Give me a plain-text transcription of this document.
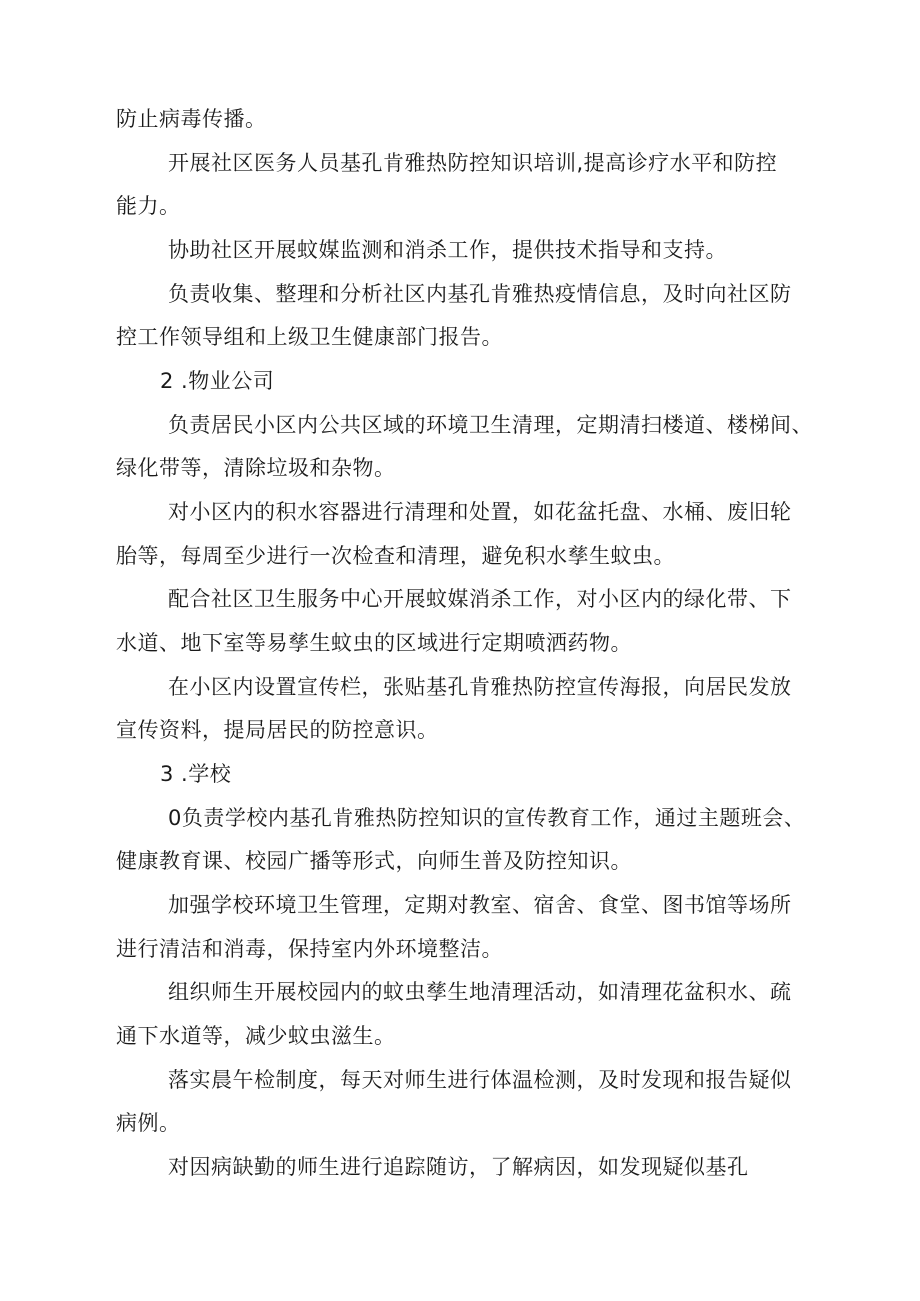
防止病毒传播。
开展社区医务人员基孔肯雅热防控知识培训,提高诊疗水平和防控
能力。
协助社区开展蚊媒监测和消杀工作，提供技术指导和支持。
负责收集、整理和分析社区内基孔肯雅热疫情信息，及时向社区防
控工作领导组和上级卫生健康部门报告。
2 .物业公司
负责居民小区内公共区域的环境卫生清理，定期清扫楼道、楼梯间、
绿化带等，清除垃圾和杂物。
对小区内的积水容器进行清理和处置，如花盆托盘、水桶、废旧轮
胎等，每周至少进行一次检查和清理，避免积水孳生蚊虫。
配合社区卫生服务中心开展蚊媒消杀工作，对小区内的绿化带、下
水道、地下室等易孳生蚊虫的区域进行定期喷洒药物。
在小区内设置宣传栏，张贴基孔肯雅热防控宣传海报，向居民发放
宣传资料，提局居民的防控意识。
3 .学校
0负责学校内基孔肯雅热防控知识的宣传教育工作，通过主题班会、
健康教育课、校园广播等形式，向师生普及防控知识。
加强学校环境卫生管理，定期对教室、宿舍、食堂、图书馆等场所
进行清洁和消毒，保持室内外环境整洁。
组织师生开展校园内的蚊虫孳生地清理活动，如清理花盆积水、疏
通下水道等，减少蚊虫滋生。
落实晨午检制度，每天对师生进行体温检测，及时发现和报告疑似
病例。
对因病缺勤的师生进行追踪随访，了解病因，如发现疑似基孔
